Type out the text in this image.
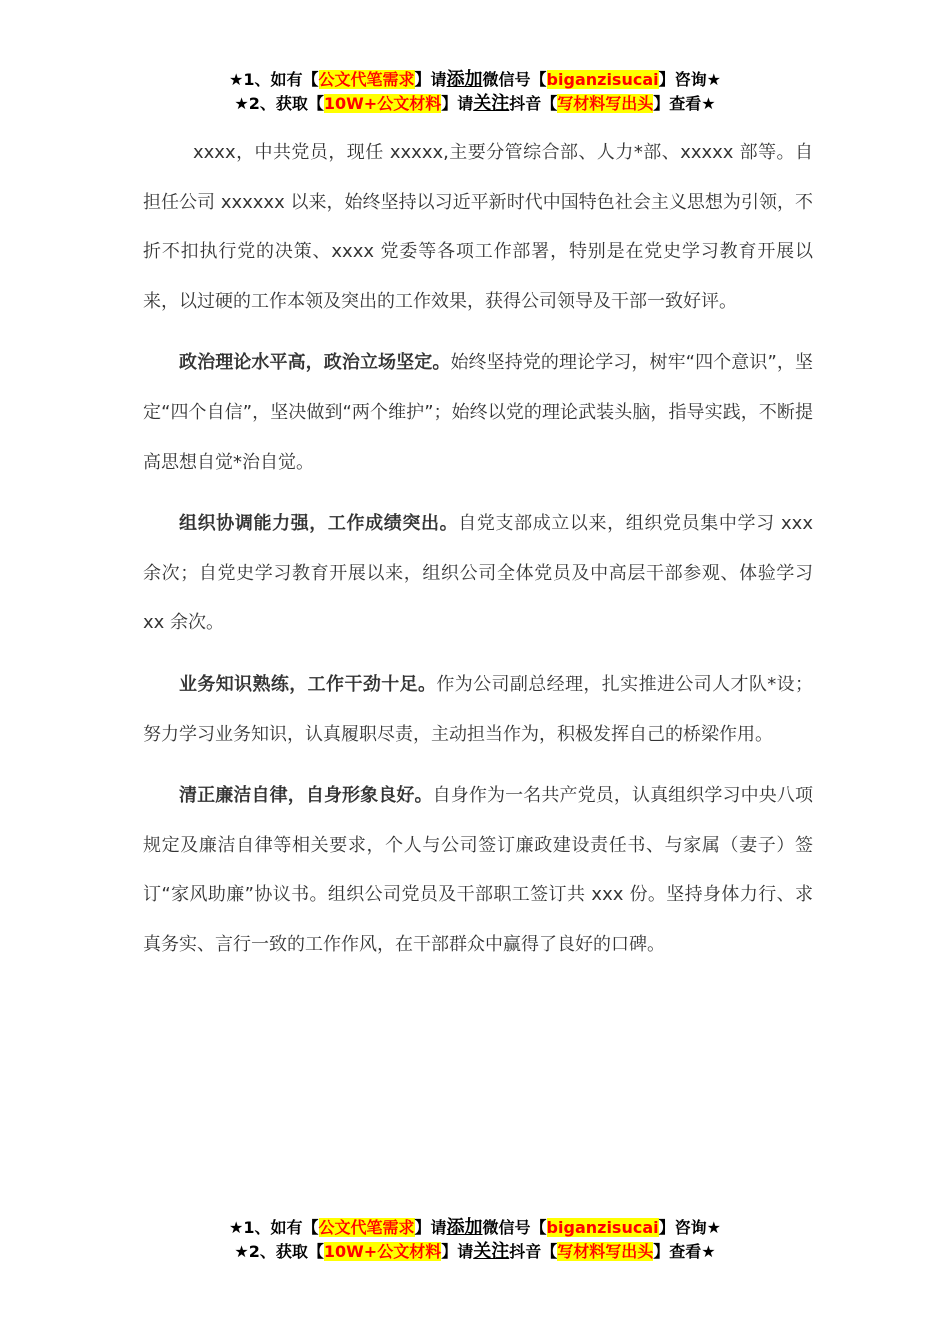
★1、如有【公文代笔需求】请添加微信号【biganzisucai】咨询★
★2、获取【10W+公文材料】请关注抖音【写材料写出头】查看★

xxxx，中共党员，现任 xxxxx,主要分管综合部、人力*部、xxxxx 部等。自担任公司 xxxxxx 以来，始终坚持以习近平新时代中国特色社会主义思想为引领，不折不扣执行党的决策、xxxx 党委等各项工作部署，特别是在党史学习教育开展以来，以过硬的工作本领及突出的工作效果，获得公司领导及干部一致好评。

政治理论水平高，政治立场坚定。始终坚持党的理论学习，树牢“四个意识”，坚定“四个自信”，坚决做到“两个维护”；始终以党的理论武装头脑，指导实践，不断提高思想自觉*治自觉。

组织协调能力强，工作成绩突出。自党支部成立以来，组织党员集中学习 xxx 余次；自党史学习教育开展以来，组织公司全体党员及中高层干部参观、体验学习 xx 余次。

业务知识熟练，工作干劲十足。作为公司副总经理，扎实推进公司人才队*设；努力学习业务知识，认真履职尽责，主动担当作为，积极发挥自己的桥梁作用。

清正廉洁自律，自身形象良好。自身作为一名共产党员，认真组织学习中央八项规定及廉洁自律等相关要求，个人与公司签订廉政建设责任书、与家属（妻子）签订“家风助廉”协议书。组织公司党员及干部职工签订共 xxx 份。坚持身体力行、求真务实、言行一致的工作作风，在干部群众中赢得了良好的口碑。

★1、如有【公文代笔需求】请添加微信号【biganzisucai】咨询★
★2、获取【10W+公文材料】请关注抖音【写材料写出头】查看★
